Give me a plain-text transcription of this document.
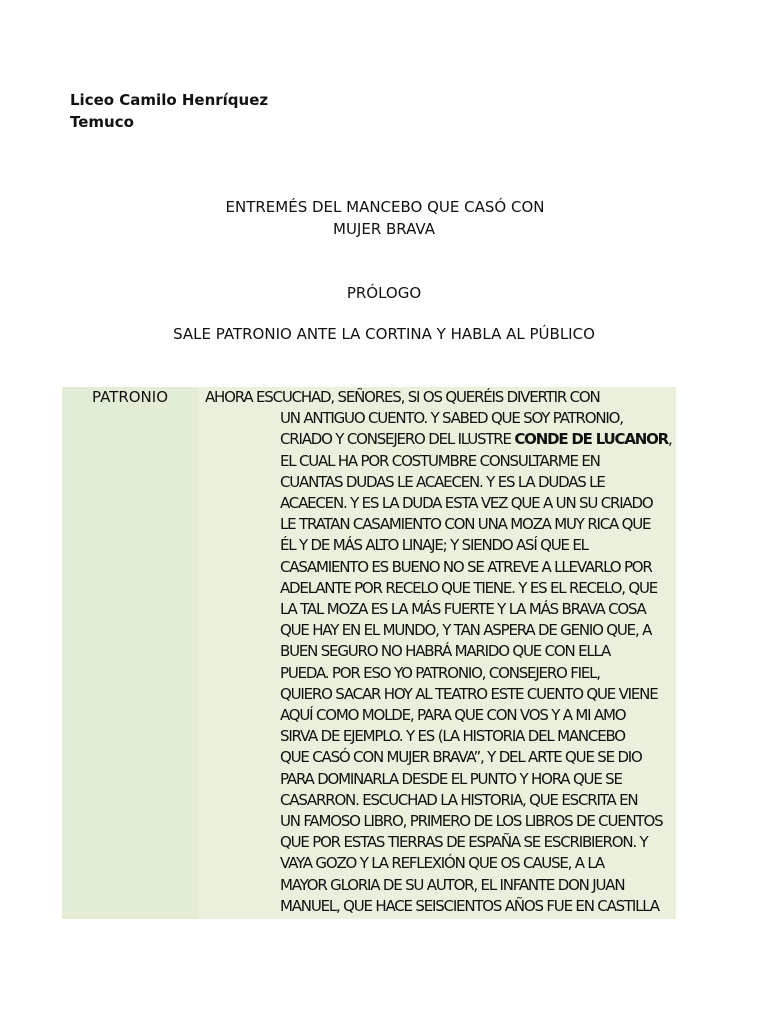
Liceo Camilo Henríquez
Temuco
ENTREMÉS DEL MANCEBO QUE CASÓ CON
MUJER BRAVA
PRÓLOGO
SALE PATRONIO ANTE LA CORTINA Y HABLA AL PÚBLICO
PATRONIO	AHORA ESCUCHAD, SEÑORES, SI OS QUERÉIS DIVERTIR CON
UN ANTIGUO CUENTO. Y SABED QUE SOY PATRONIO,
CRIADO Y CONSEJERO DEL ILUSTRE CONDE DE LUCANOR,
EL CUAL HA POR COSTUMBRE CONSULTARME EN
CUANTAS DUDAS LE ACAECEN. Y ES LA DUDAS LE
ACAECEN. Y ES LA DUDA ESTA VEZ QUE A UN SU CRIADO
LE TRATAN CASAMIENTO CON UNA MOZA MUY RICA QUE
ÉL Y DE MÁS ALTO LINAJE; Y SIENDO ASÍ QUE EL
CASAMIENTO ES BUENO NO SE ATREVE A LLEVARLO POR
ADELANTE POR RECELO QUE TIENE. Y ES EL RECELO, QUE
LA TAL MOZA ES LA MÁS FUERTE Y LA MÁS BRAVA COSA
QUE HAY EN EL MUNDO, Y TAN ASPERA DE GENIO QUE, A
BUEN SEGURO NO HABRÁ MARIDO QUE CON ELLA
PUEDA. POR ESO YO PATRONIO, CONSEJERO FIEL,
QUIERO SACAR HOY AL TEATRO ESTE CUENTO QUE VIENE
AQUÍ COMO MOLDE, PARA QUE CON VOS Y A MI AMO
SIRVA DE EJEMPLO. Y ES (LA HISTORIA DEL MANCEBO
QUE CASÓ CON MUJER BRAVA”, Y DEL ARTE QUE SE DIO
PARA DOMINARLA DESDE EL PUNTO Y HORA QUE SE
CASARRON. ESCUCHAD LA HISTORIA, QUE ESCRITA EN
UN FAMOSO LIBRO, PRIMERO DE LOS LIBROS DE CUENTOS
QUE POR ESTAS TIERRAS DE ESPAÑA SE ESCRIBIERON. Y
VAYA GOZO Y LA REFLEXIÓN QUE OS CAUSE, A LA
MAYOR GLORIA DE SU AUTOR, EL INFANTE DON JUAN
MANUEL, QUE HACE SEISCIENTOS AÑOS FUE EN CASTILLA
